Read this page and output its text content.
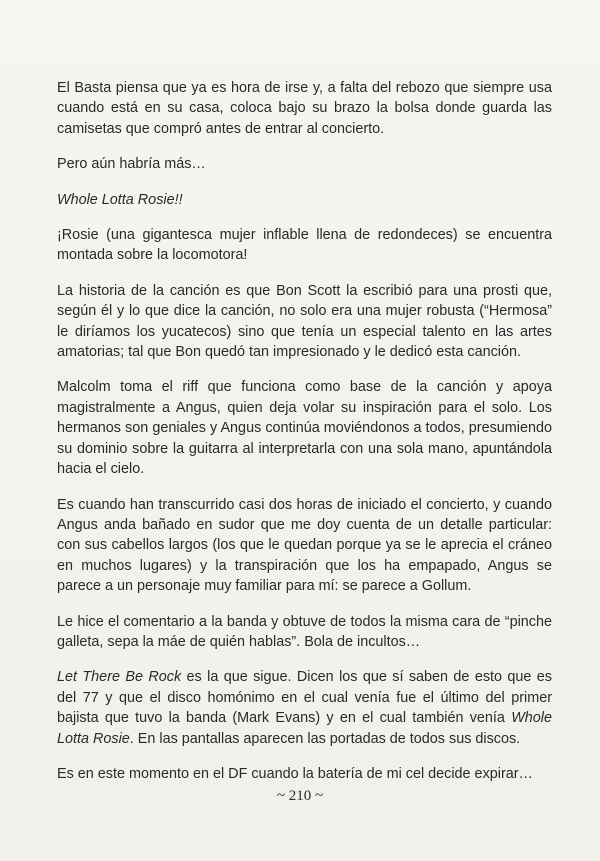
El Basta piensa que ya es hora de irse y, a falta del rebozo que siempre usa cuando está en su casa, coloca bajo su brazo la bolsa donde guarda las camisetas que compró antes de entrar al concierto.

Pero aún habría más…

Whole Lotta Rosie!!

¡Rosie (una gigantesca mujer inflable llena de redondeces) se encuentra montada sobre la locomotora!

La historia de la canción es que Bon Scott la escribió para una prosti que, según él y lo que dice la canción, no solo era una mujer robusta (“Hermosa” le diríamos los yucatecos) sino que tenía un especial talento en las artes amatorias; tal que Bon quedó tan impresionado y le dedicó esta canción.

Malcolm toma el riff que funciona como base de la canción y apoya magistralmente a Angus, quien deja volar su inspiración para el solo. Los hermanos son geniales y Angus continúa moviéndonos a todos, presumiendo su dominio sobre la guitarra al interpretarla con una sola mano, apuntándola hacia el cielo.

Es cuando han transcurrido casi dos horas de iniciado el concierto, y cuando Angus anda bañado en sudor que me doy cuenta de un detalle particular: con sus cabellos largos (los que le quedan porque ya se le aprecia el cráneo en muchos lugares) y la transpiración que los ha empapado, Angus se parece a un personaje muy familiar para mí: se parece a Gollum.

Le hice el comentario a la banda y obtuve de todos la misma cara de “pinche galleta, sepa la máe de quién hablas”. Bola de incultos…

Let There Be Rock es la que sigue. Dicen los que sí saben de esto que es del 77 y que el disco homónimo en el cual venía fue el último del primer bajista que tuvo la banda (Mark Evans) y en el cual también venía Whole Lotta Rosie. En las pantallas aparecen las portadas de todos sus discos.

Es en este momento en el DF cuando la batería de mi cel decide expirar…

~ 210 ~
